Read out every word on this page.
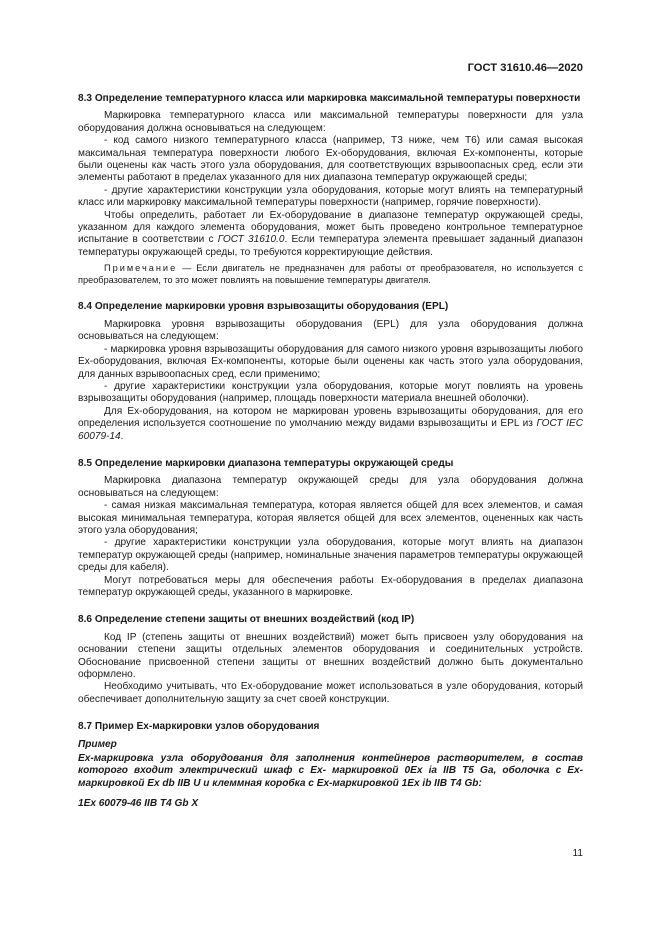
ГОСТ 31610.46—2020
8.3 Определение температурного класса или маркировка максимальной температуры поверхности

Маркировка температурного класса или максимальной температуры поверхности для узла оборудования должна основываться на следующем:

- код самого низкого температурного класса (например, Т3 ниже, чем Т6) или самая высокая максимальная температура поверхности любого Ex-оборудования, включая Ex-компоненты, которые были оценены как часть этого узла оборудования, для соответствующих взрывоопасных сред, если эти элементы работают в пределах указанного для них диапазона температур окружающей среды;

- другие характеристики конструкции узла оборудования, которые могут влиять на температурный класс или маркировку максимальной температуры поверхности (например, горячие поверхности).

Чтобы определить, работает ли Ex-оборудование в диапазоне температур окружающей среды, указанном для каждого элемента оборудования, может быть проведено контрольное температурное испытание в соответствии с ГОСТ 31610.0. Если температура элемента превышает заданный диапазон температуры окружающей среды, то требуются корректирующие действия.

Примечание — Если двигатель не предназначен для работы от преобразователя, но используется с преобразователем, то это может повлиять на повышение температуры двигателя.

8.4 Определение маркировки уровня взрывозащиты оборудования (EPL)

Маркировка уровня взрывозащиты оборудования (EPL) для узла оборудования должна основываться на следующем:

- маркировка уровня взрывозащиты оборудования для самого низкого уровня взрывозащиты любого Ex-оборудования, включая Ex-компоненты, которые были оценены как часть этого узла оборудования, для данных взрывоопасных сред, если применимо;

- другие характеристики конструкции узла оборудования, которые могут повлиять на уровень взрывозащиты оборудования (например, площадь поверхности материала внешней оболочки).

Для Ex-оборудования, на котором не маркирован уровень взрывозащиты оборудования, для его определения используется соотношение по умолчанию между видами взрывозащиты и EPL из ГОСТ IEC 60079-14.

8.5 Определение маркировки диапазона температуры окружающей среды

Маркировка диапазона температур окружающей среды для узла оборудования должна основываться на следующем:

- самая низкая максимальная температура, которая является общей для всех элементов, и самая высокая минимальная температура, которая является общей для всех элементов, оцененных как часть этого узла оборудования;

- другие характеристики конструкции узла оборудования, которые могут влиять на диапазон температур окружающей среды (например, номинальные значения параметров температуры окружающей среды для кабеля).

Могут потребоваться меры для обеспечения работы Ex-оборудования в пределах диапазона температур окружающей среды, указанного в маркировке.

8.6 Определение степени защиты от внешних воздействий (код IP)

Код IP (степень защиты от внешних воздействий) может быть присвоен узлу оборудования на основании степени защиты отдельных элементов оборудования и соединительных устройств. Обоснование присвоенной степени защиты от внешних воздействий должно быть документально оформлено.

Необходимо учитывать, что Ex-оборудование может использоваться в узле оборудования, который обеспечивает дополнительную защиту за счет своей конструкции.

8.7 Пример Ex-маркировки узлов оборудования

Пример

Ex-маркировка узла оборудования для заполнения контейнеров растворителем, в состав которого входит электрический шкаф с Ex- маркировкой 0Ex ia IIB T5 Ga, оболочка с Ex-маркировкой Ex db IIB U и клеммная коробка с Ex-маркировкой 1Ex ib IIB T4 Gb:

1Ex 60079-46 IIB T4 Gb X

11
